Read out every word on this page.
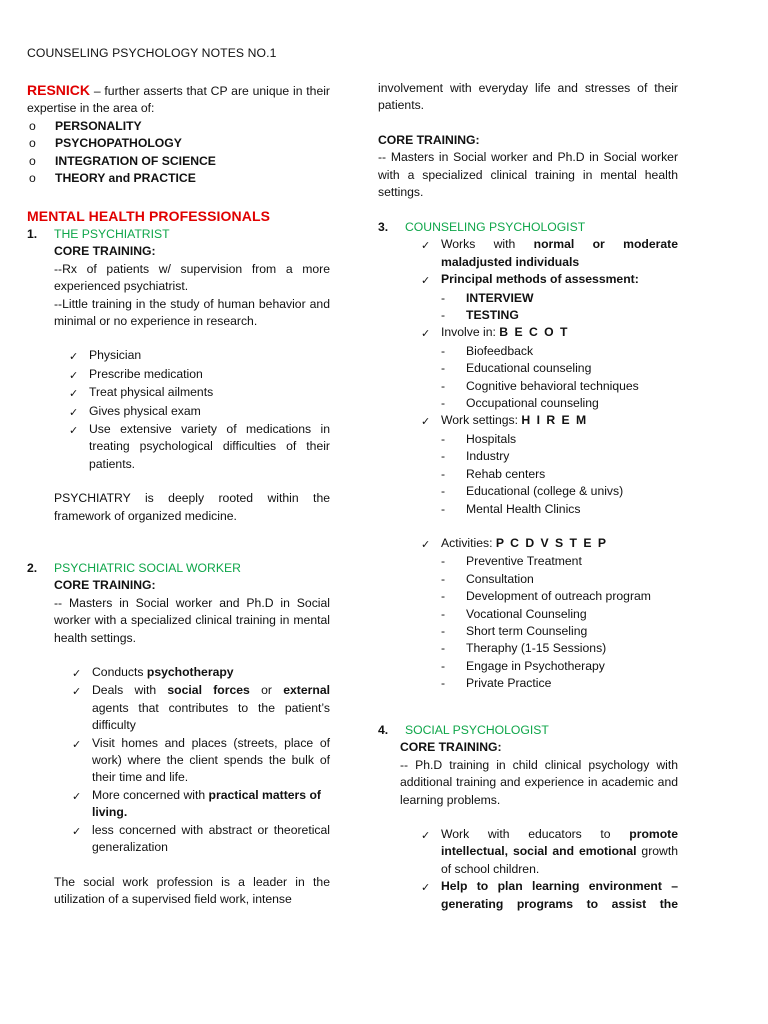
COUNSELING PSYCHOLOGY NOTES NO.1
RESNICK – further asserts that CP are unique in their expertise in the area of:
o	PERSONALITY
o	PSYCHOPATHOLOGY
o	INTEGRATION OF SCIENCE
o	THEORY and PRACTICE
MENTAL HEALTH PROFESSIONALS
1.	THE PSYCHIATRIST
CORE TRAINING:
--Rx of patients w/ supervision from a more experienced psychiatrist.
--Little training in the study of human behavior and minimal or no experience in research.
✓ Physician
✓ Prescribe medication
✓ Treat physical ailments
✓ Gives physical exam
✓ Use extensive variety of medications in treating psychological difficulties of their patients.
PSYCHIATRY is deeply rooted within the framework of organized medicine.
2.	PSYCHIATRIC SOCIAL WORKER
CORE TRAINING:
-- Masters in Social worker and Ph.D in Social worker with a specialized clinical training in mental health settings.
✓ Conducts psychotherapy
✓ Deals with social forces or external agents that contributes to the patient’s difficulty
✓ Visit homes and places (streets, place of work) where the client spends the bulk of their time and life.
✓ More concerned with practical matters of living.
✓ less concerned with abstract or theoretical generalization
The social work profession is a leader in the utilization of a supervised field work, intense
involvement with everyday life and stresses of their patients.
CORE TRAINING:
-- Masters in Social worker and Ph.D in Social worker with a specialized clinical training in mental health settings.
3.	COUNSELING PSYCHOLOGIST
✓ Works with normal or moderate maladjusted individuals
✓ Principal methods of assessment:
-	INTERVIEW
-	TESTING
✓ Involve in: B E C O T
-	Biofeedback
-	Educational counseling
-	Cognitive behavioral techniques
-	Occupational counseling
✓ Work settings: H I R E M
-	Hospitals
-	Industry
-	Rehab centers
-	Educational (college & univs)
-	Mental Health Clinics
✓ Activities: P C D V S T E P
-	Preventive Treatment
-	Consultation
-	Development of outreach program
-	Vocational Counseling
-	Short term Counseling
-	Theraphy (1-15 Sessions)
-	Engage in Psychotherapy
-	Private Practice
4.	SOCIAL PSYCHOLOGIST
CORE TRAINING:
-- Ph.D training in child clinical psychology with additional training and experience in academic and learning problems.
✓ Work with educators to promote intellectual, social and emotional growth of school children.
✓ Help to plan learning environment – generating programs to assist the
